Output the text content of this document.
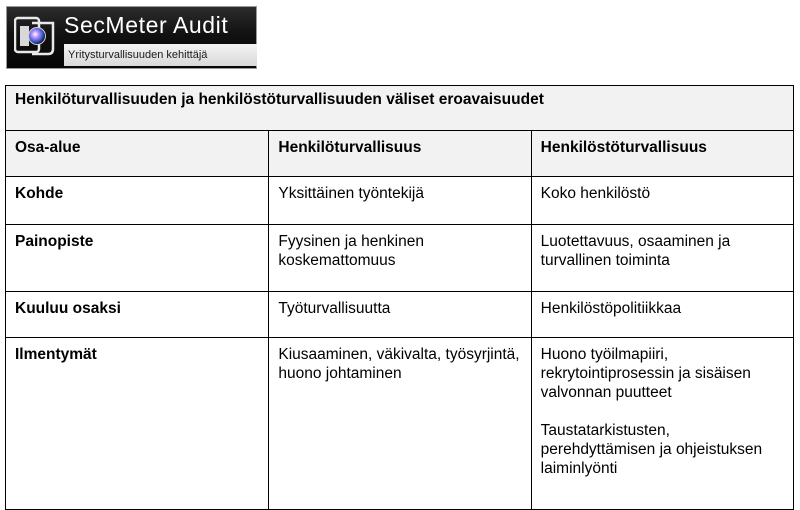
SecMeter Audit
Yritysturvallisuuden kehittäjä
Henkilöturvallisuuden ja henkilöstöturvallisuuden väliset eroavaisuudet		
Osa-alue	Henkilöturvallisuus	Henkilöstöturvallisuus
Kohde	Yksittäinen työntekijä	Koko henkilöstö

Painopiste	Fyysinen ja henkinen koskemattomuus	Luotettavuus, osaaminen ja turvallinen toiminta

Kuuluu osaksi	Työturvallisuutta	Henkilöstöpolitiikkaa

Ilmentymät	Kiusaaminen, väkivalta, työsyrjintä, huono johtaminen	Huono työilmapiiri, rekrytointiprosessin ja sisäisen valvonnan puutteet
Taustatarkistusten, perehdyttämisen ja ohjeistuksen laiminlyönti
